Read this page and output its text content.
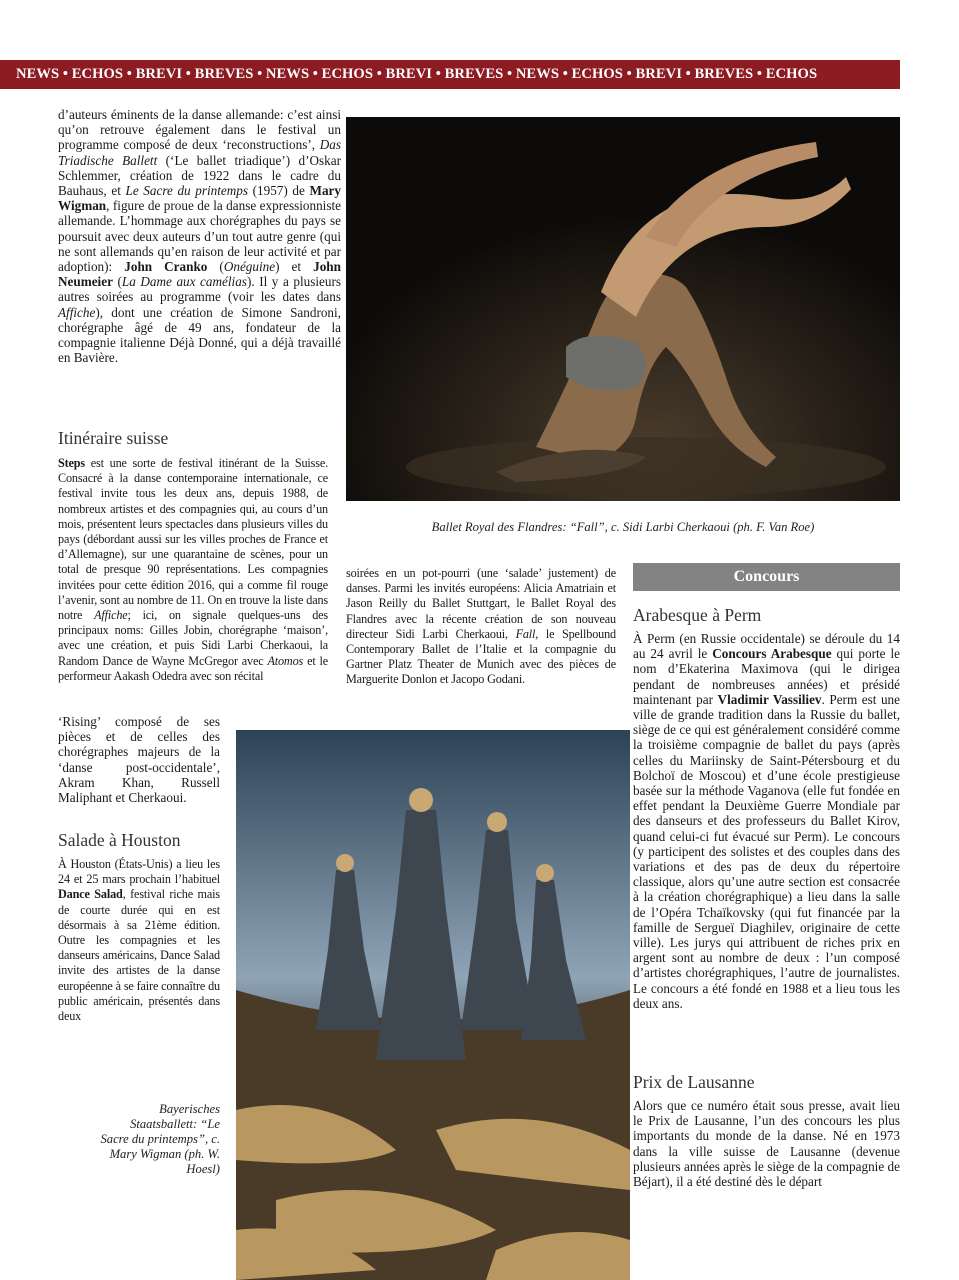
NEWS • ECHOS • BREVI • BREVES • NEWS • ECHOS • BREVI • BREVES • NEWS • ECHOS • BREVI • BREVES • ECHOS

d’auteurs éminents de la danse allemande: c’est ainsi qu’on retrouve également dans le festival un programme composé de deux ‘reconstructions’, Das Triadische Ballett (‘Le ballet triadique’) d’Oskar Schlemmer, création de 1922 dans le cadre du Bauhaus, et Le Sacre du printemps (1957) de Mary Wigman, figure de proue de la danse expressionniste allemande. L’hommage aux chorégraphes du pays se poursuit avec deux auteurs d’un tout autre genre (qui ne sont allemands qu’en raison de leur activité et par adoption): John Cranko (Onéguine) et John Neumeier (La Dame aux camélias). Il y a plusieurs autres soirées au programme (voir les dates dans Affiche), dont une création de Simone Sandroni, chorégraphe âgé de 49 ans, fondateur de la compagnie italienne Déjà Donné, qui a déjà travaillé en Bavière.

Itinéraire suisse

Steps est une sorte de festival itinérant de la Suisse. Consacré à la danse contemporaine internationale, ce festival invite tous les deux ans, depuis 1988, de nombreux artistes et des compagnies qui, au cours d’un mois, présentent leurs spectacles dans plusieurs villes du pays (débordant aussi sur les villes proches de France et d’Allemagne), sur une quarantaine de scènes, pour un total de presque 90 représentations. Les compagnies invitées pour cette édition 2016, qui a comme fil rouge l’avenir, sont au nombre de 11. On en trouve la liste dans notre Affiche; ici, on signale quelques-uns des principaux noms: Gilles Jobin, chorégraphe ‘maison’, avec une création, et puis Sidi Larbi Cherkaoui, la Random Dance de Wayne McGregor avec Atomos et le performeur Aakash Odedra avec son récital

‘Rising’ composé de ses pièces et de celles des chorégraphes majeurs de la ‘danse post-occidentale’, Akram Khan, Russell Maliphant et Cherkaoui.

Salade à Houston

À Houston (États-Unis) a lieu les 24 et 25 mars prochain l’habituel Dance Salad, festival riche mais de courte durée qui en est désormais à sa 21ème édition. Outre les compagnies et les danseurs américains, Dance Salad invite des artistes de la danse européenne à se faire connaître du public américain, présentés dans deux

soirées en un pot-pourri (une ‘salade’ justement) de danses. Parmi les invités européens: Alicia Amatriain et Jason Reilly du Ballet Stuttgart, le Ballet Royal des Flandres avec la récente création de son nouveau directeur Sidi Larbi Cherkaoui, Fall, le Spellbound Contemporary Ballet de l’Italie et la compagnie du Gartner Platz Theater de Munich avec des pièces de Marguerite Donlon et Jacopo Godani.

Ballet Royal des Flandres: “Fall”, c. Sidi Larbi Cherkaoui (ph. F. Van Roe)
Bayerisches Staatsballett: “Le Sacre du printemps”, c. Mary Wigman (ph. W. Hoesl)
Concours
Arabesque à Perm

À Perm (en Russie occidentale) se déroule du 14 au 24 avril le Concours Arabesque qui porte le nom d’Ekaterina Maximova (qui le dirigea pendant de nombreuses années) et présidé maintenant par Vladimir Vassiliev. Perm est une ville de grande tradition dans la Russie du ballet, siège de ce qui est généralement considéré comme la troisième compagnie de ballet du pays (après celles du Mariinsky de Saint-Pétersbourg et du Bolchoï de Moscou) et d’une école prestigieuse basée sur la méthode Vaganova (elle fut fondée en effet pendant la Deuxième Guerre Mondiale par des danseurs et des professeurs du Ballet Kirov, quand celui-ci fut évacué sur Perm). Le concours (y participent des solistes et des couples dans des variations et des pas de deux du répertoire classique, alors qu’une autre section est consacrée à la création chorégraphique) a lieu dans la salle de l’Opéra Tchaïkovsky (qui fut financée par la famille de Sergueï Diaghilev, originaire de cette ville). Les jurys qui attribuent de riches prix en argent sont au nombre de deux : l’un composé d’artistes chorégraphiques, l’autre de journalistes. Le concours a été fondé en 1988 et a lieu tous les deux ans.

Prix de Lausanne

Alors que ce numéro était sous presse, avait lieu le Prix de Lausanne, l’un des concours les plus importants du monde de la danse. Né en 1973 dans la ville suisse de Lausanne (devenue plusieurs années après le siège de la compagnie de Béjart), il a été destiné dès le départ
